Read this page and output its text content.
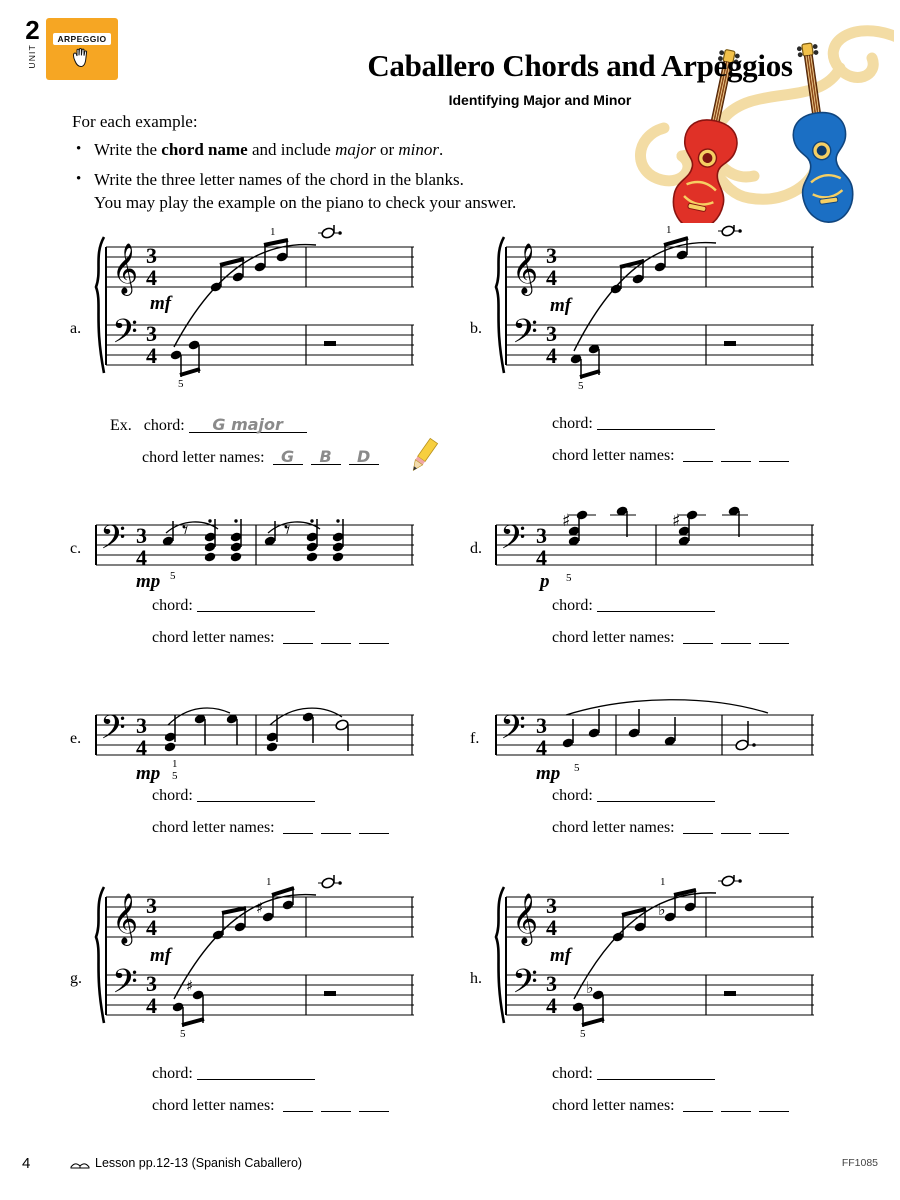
2
UNIT
ARPEGGIO
Caballero Chords and Arpeggios
Identifying Major and Minor
For each example:
• Write the chord name and include major or minor.
• Write the three letter names of the chord in the blanks.
You may play the example on the piano to check your answer.
a.
𝄞
𝄢
3
4
3
4
mf
5
1
Ex. chord: G major
chord letter names: G B D
b.
𝄞
𝄢
3
4
3
4
mf
5
1
chord:
chord letter names:
c. 𝄢 3
4
𝄾	𝄾
mp 5
chord:
chord letter names:
d. 𝄢 3
4
♯	♯
p 5
chord:
chord letter names:
e. 𝄢 3
4
mp 1
5
chord:
chord letter names:
f. 𝄢 3
4
mp 5
chord:
chord letter names:
g.
𝄞
𝄢
3
4
3
4
♯
♯
mf
5
1
chord:
chord letter names:
h.
𝄞
𝄢
3
4
3
4
♭
♭
mf
5
1
chord:
chord letter names:
4	Lesson pp.12-13 (Spanish Caballero)	FF1085
